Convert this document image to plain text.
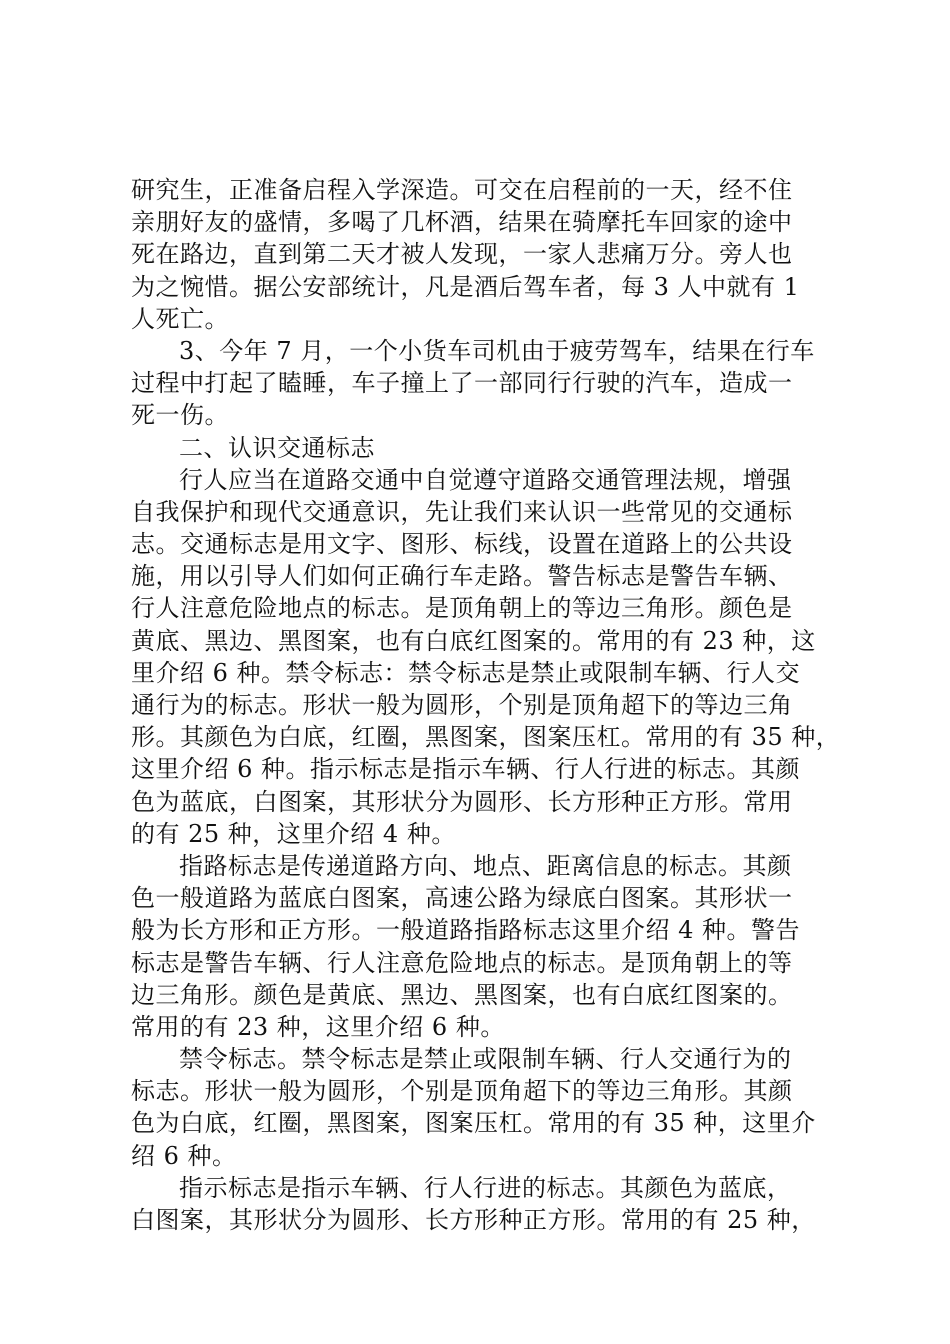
研究生，正准备启程入学深造。可交在启程前的一天，经不住
亲朋好友的盛情，多喝了几杯酒，结果在骑摩托车回家的途中
死在路边，直到第二天才被人发现，一家人悲痛万分。旁人也
为之惋惜。据公安部统计，凡是酒后驾车者，每 3 人中就有 1
人死亡。
3、今年 7 月，一个小货车司机由于疲劳驾车，结果在行车
过程中打起了瞌睡，车子撞上了一部同行行驶的汽车，造成一
死一伤。
二、认识交通标志
行人应当在道路交通中自觉遵守道路交通管理法规，增强
自我保护和现代交通意识，先让我们来认识一些常见的交通标
志。交通标志是用文字、图形、标线，设置在道路上的公共设
施，用以引导人们如何正确行车走路。警告标志是警告车辆、
行人注意危险地点的标志。是顶角朝上的等边三角形。颜色是
黄底、黑边、黑图案，也有白底红图案的。常用的有 23 种，这
里介绍 6 种。禁令标志：禁令标志是禁止或限制车辆、行人交
通行为的标志。形状一般为圆形，个别是顶角超下的等边三角
形。其颜色为白底，红圈，黑图案，图案压杠。常用的有 35 种，
这里介绍 6 种。指示标志是指示车辆、行人行进的标志。其颜
色为蓝底，白图案，其形状分为圆形、长方形种正方形。常用
的有 25 种，这里介绍 4 种。
指路标志是传递道路方向、地点、距离信息的标志。其颜
色一般道路为蓝底白图案，高速公路为绿底白图案。其形状一
般为长方形和正方形。一般道路指路标志这里介绍 4 种。警告
标志是警告车辆、行人注意危险地点的标志。是顶角朝上的等
边三角形。颜色是黄底、黑边、黑图案，也有白底红图案的。
常用的有 23 种，这里介绍 6 种。
禁令标志。禁令标志是禁止或限制车辆、行人交通行为的
标志。形状一般为圆形，个别是顶角超下的等边三角形。其颜
色为白底，红圈，黑图案，图案压杠。常用的有 35 种，这里介
绍 6 种。
指示标志是指示车辆、行人行进的标志。其颜色为蓝底，
白图案，其形状分为圆形、长方形种正方形。常用的有 25 种，
